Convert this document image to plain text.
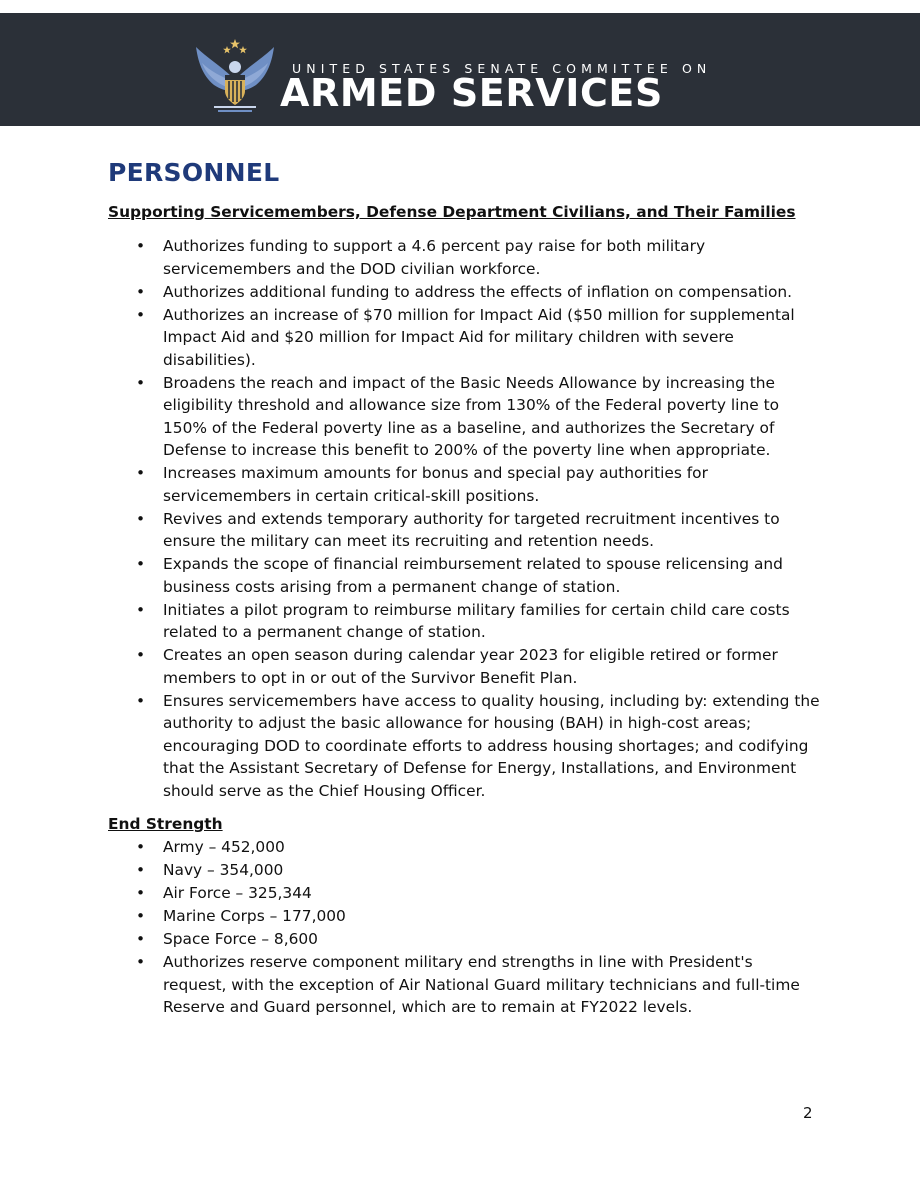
UNITED STATES SENATE COMMITTEE ON
ARMED SERVICES
PERSONNEL
Supporting Servicemembers, Defense Department Civilians, and Their Families
• Authorizes funding to support a 4.6 percent pay raise for both military servicemembers and the DOD civilian workforce.
• Authorizes additional funding to address the effects of inflation on compensation.
• Authorizes an increase of $70 million for Impact Aid ($50 million for supplemental Impact Aid and $20 million for Impact Aid for military children with severe disabilities).
• Broadens the reach and impact of the Basic Needs Allowance by increasing the eligibility threshold and allowance size from 130% of the Federal poverty line to 150% of the Federal poverty line as a baseline, and authorizes the Secretary of Defense to increase this benefit to 200% of the poverty line when appropriate.
• Increases maximum amounts for bonus and special pay authorities for servicemembers in certain critical-skill positions.
• Revives and extends temporary authority for targeted recruitment incentives to ensure the military can meet its recruiting and retention needs.
• Expands the scope of financial reimbursement related to spouse relicensing and business costs arising from a permanent change of station.
• Initiates a pilot program to reimburse military families for certain child care costs related to a permanent change of station.
• Creates an open season during calendar year 2023 for eligible retired or former members to opt in or out of the Survivor Benefit Plan.
• Ensures servicemembers have access to quality housing, including by: extending the authority to adjust the basic allowance for housing (BAH) in high-cost areas; encouraging DOD to coordinate efforts to address housing shortages; and codifying that the Assistant Secretary of Defense for Energy, Installations, and Environment should serve as the Chief Housing Officer.
End Strength
• Army – 452,000
• Navy – 354,000
• Air Force – 325,344
• Marine Corps – 177,000
• Space Force – 8,600
• Authorizes reserve component military end strengths in line with President's request, with the exception of Air National Guard military technicians and full-time Reserve and Guard personnel, which are to remain at FY2022 levels.
2
